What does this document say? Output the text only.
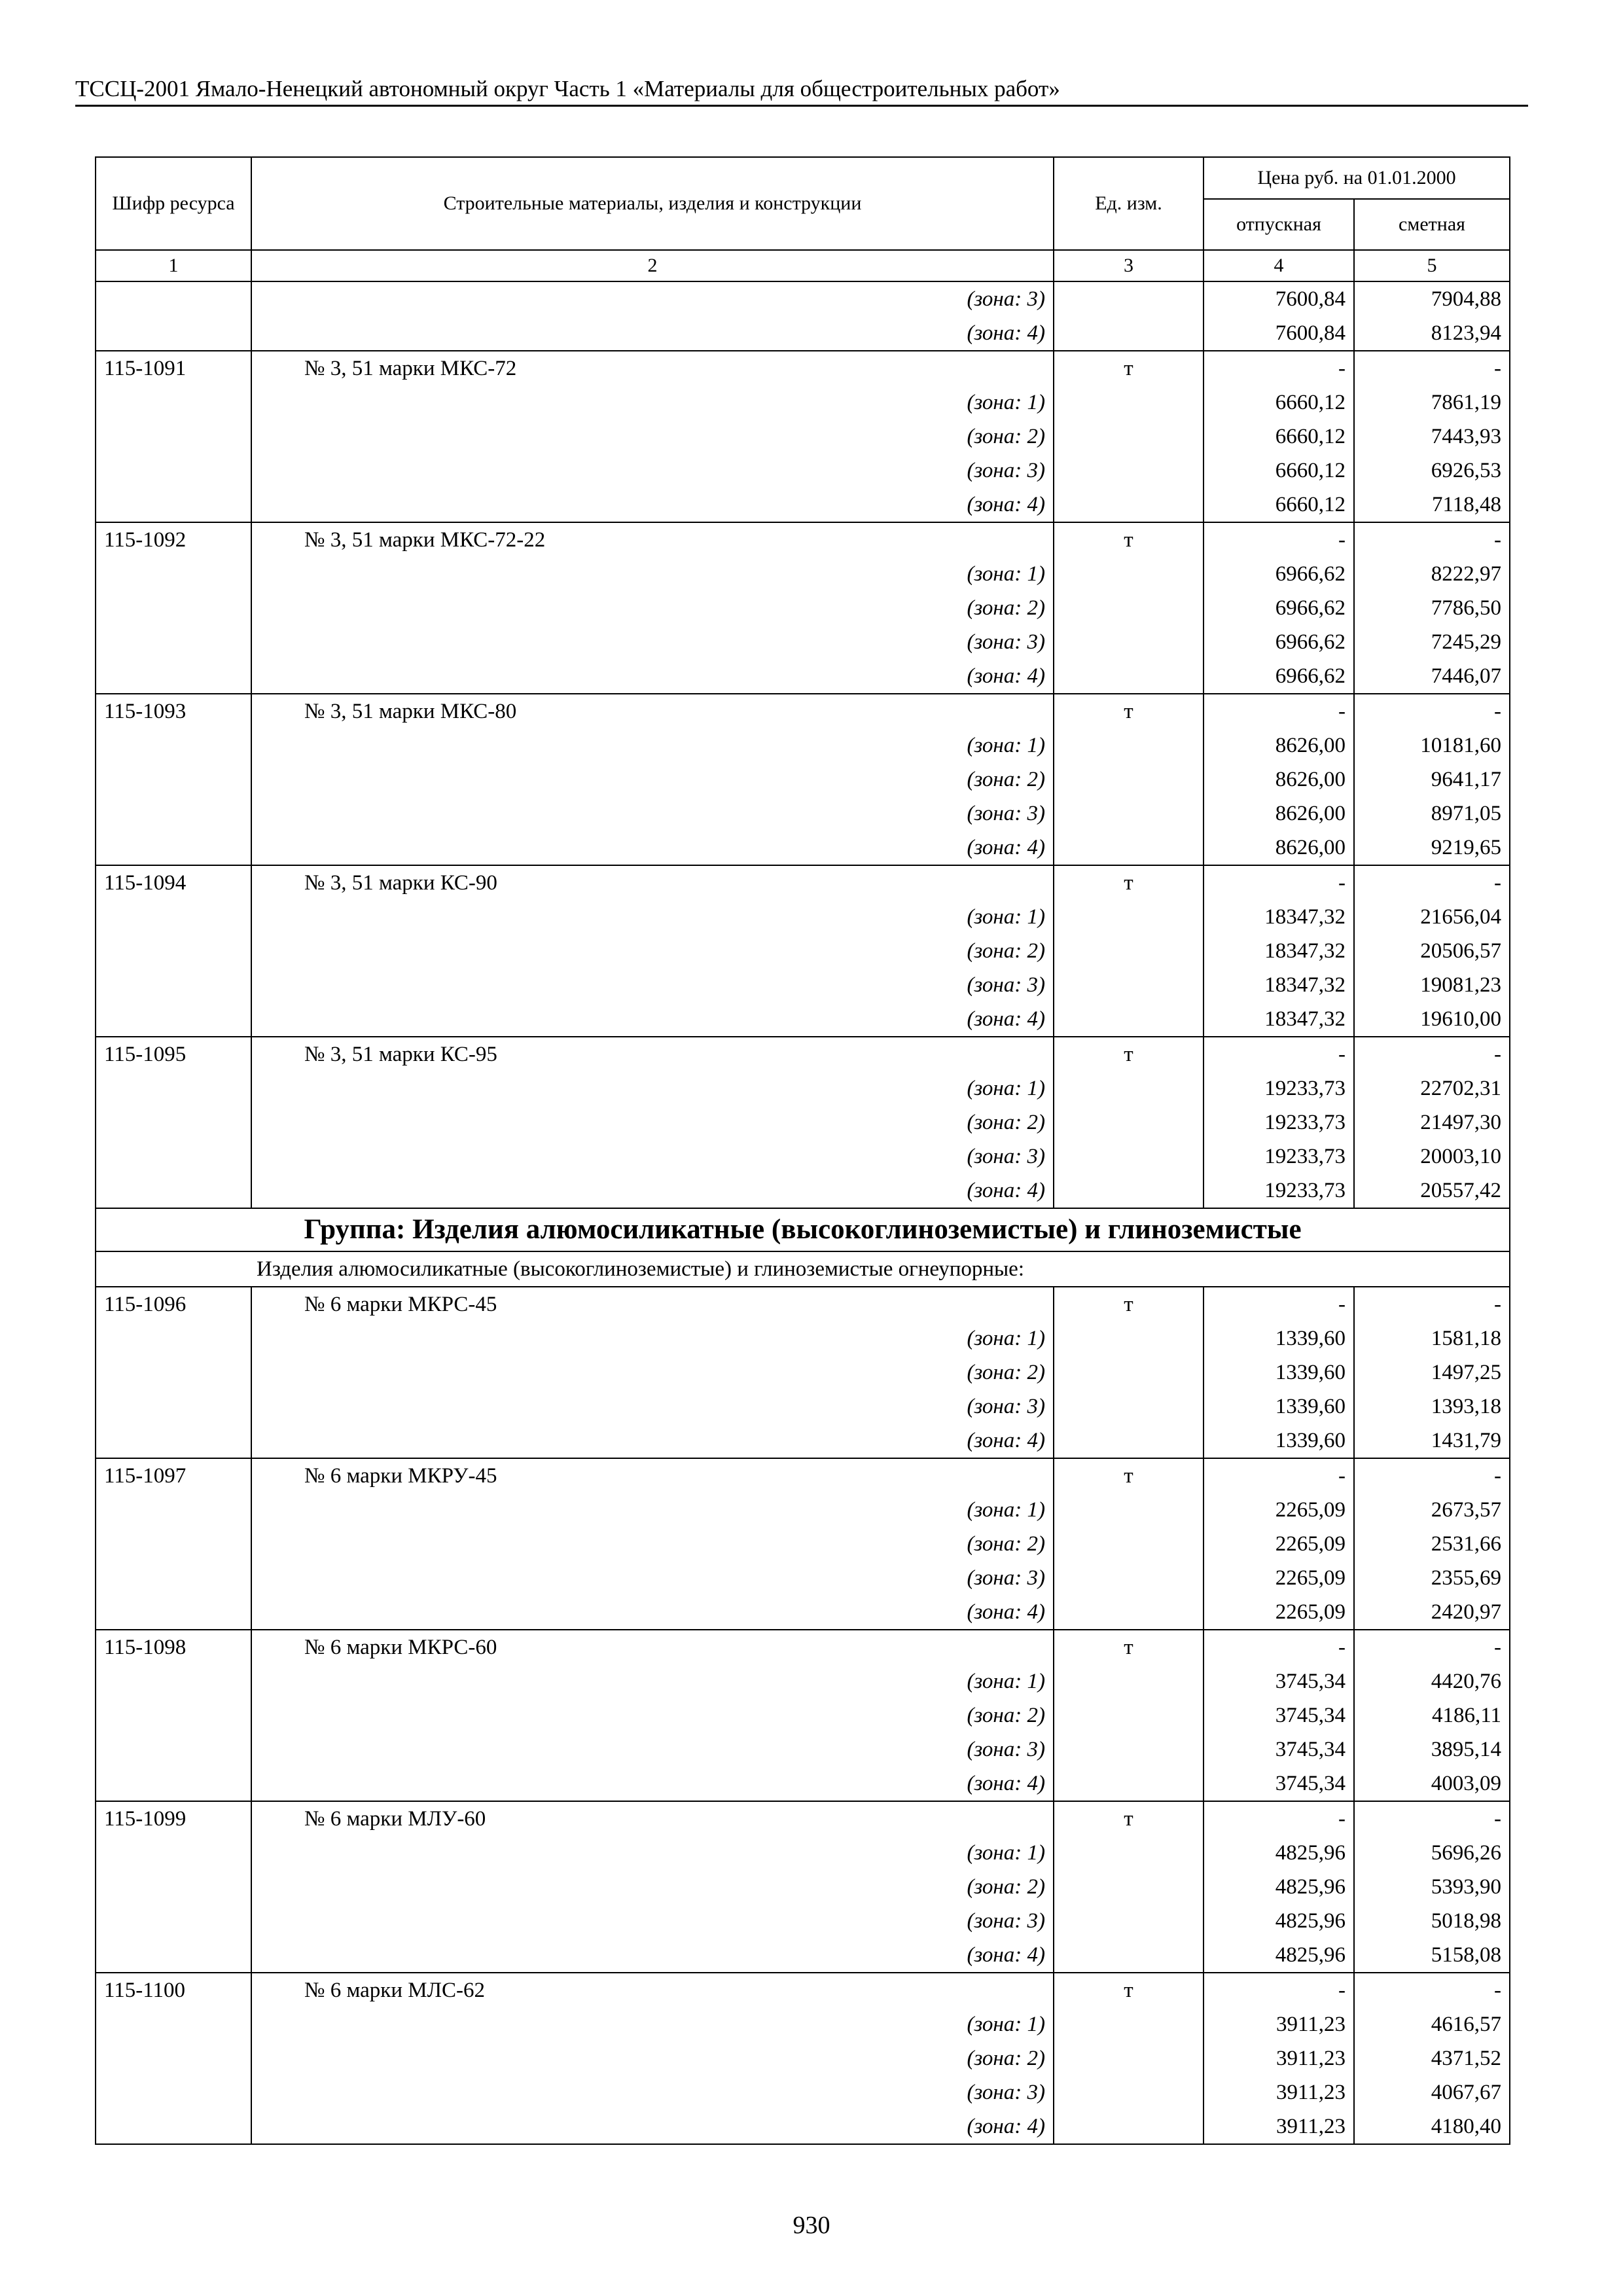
ТССЦ-2001 Ямало-Ненецкий автономный округ Часть 1 «Материалы для общестроительных работ»
Шифр ресурса	Строительные материалы, изделия и конструкции	Ед. изм.	Цена руб. на 01.01.2000	
			отпускная	сметная
1	2	3	4	5
	(зона: 3)		7600,84	7904,88
	(зона: 4)		7600,84	8123,94
115-1091	№ 3, 51 марки МКС-72	т	-	-
	(зона: 1)		6660,12	7861,19
	(зона: 2)		6660,12	7443,93
	(зона: 3)		6660,12	6926,53
	(зона: 4)		6660,12	7118,48
115-1092	№ 3, 51 марки МКС-72-22	т	-	-
	(зона: 1)		6966,62	8222,97
	(зона: 2)		6966,62	7786,50
	(зона: 3)		6966,62	7245,29
	(зона: 4)		6966,62	7446,07
115-1093	№ 3, 51 марки МКС-80	т	-	-
	(зона: 1)		8626,00	10181,60
	(зона: 2)		8626,00	9641,17
	(зона: 3)		8626,00	8971,05
	(зона: 4)		8626,00	9219,65
115-1094	№ 3, 51 марки КС-90	т	-	-
	(зона: 1)		18347,32	21656,04
	(зона: 2)		18347,32	20506,57
	(зона: 3)		18347,32	19081,23
	(зона: 4)		18347,32	19610,00
115-1095	№ 3, 51 марки КС-95	т	-	-
	(зона: 1)		19233,73	22702,31
	(зона: 2)		19233,73	21497,30
	(зона: 3)		19233,73	20003,10
	(зона: 4)		19233,73	20557,42
Группа: Изделия алюмосиликатные (высокоглиноземистые) и глиноземистые				
Изделия алюмосиликатные (высокоглиноземистые) и глиноземистые огнеупорные:				
115-1096	№ 6 марки МКРС-45	т	-	-
	(зона: 1)		1339,60	1581,18
	(зона: 2)		1339,60	1497,25
	(зона: 3)		1339,60	1393,18
	(зона: 4)		1339,60	1431,79
115-1097	№ 6 марки МКРУ-45	т	-	-
	(зона: 1)		2265,09	2673,57
	(зона: 2)		2265,09	2531,66
	(зона: 3)		2265,09	2355,69
	(зона: 4)		2265,09	2420,97
115-1098	№ 6 марки МКРС-60	т	-	-
	(зона: 1)		3745,34	4420,76
	(зона: 2)		3745,34	4186,11
	(зона: 3)		3745,34	3895,14
	(зона: 4)		3745,34	4003,09
115-1099	№ 6 марки МЛУ-60	т	-	-
	(зона: 1)		4825,96	5696,26
	(зона: 2)		4825,96	5393,90
	(зона: 3)		4825,96	5018,98
	(зона: 4)		4825,96	5158,08
115-1100	№ 6 марки МЛС-62	т	-	-
	(зона: 1)		3911,23	4616,57
	(зона: 2)		3911,23	4371,52
	(зона: 3)		3911,23	4067,67
	(зона: 4)		3911,23	4180,40
930
